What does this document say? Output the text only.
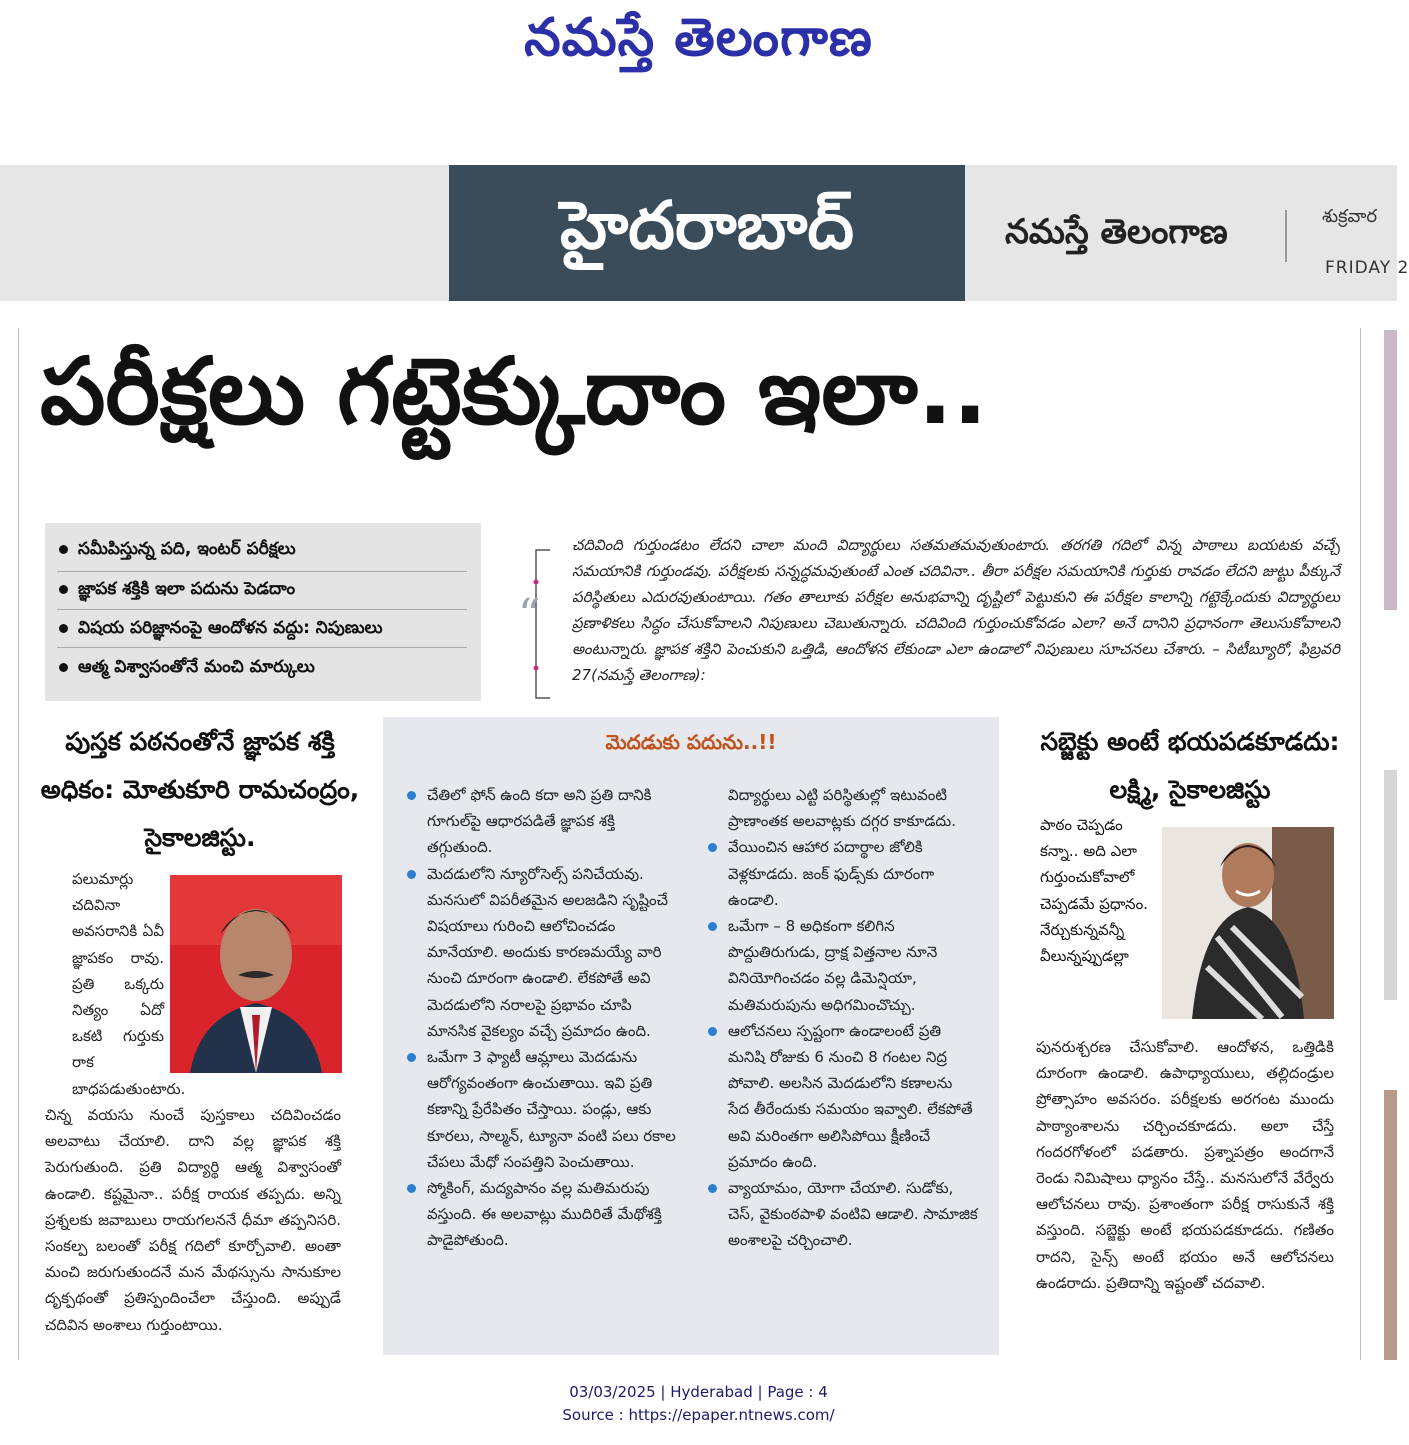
నమస్తే తెలంగాణ
హైదరాబాద్	నమస్తే తెలంగాణ	శుక్రవార
FRIDAY 2
పరీక్షలు గట్టెక్కుదాం ఇలా..
సమీపిస్తున్న పది, ఇంటర్ పరీక్షలు
జ్ఞాపక శక్తికి ఇలా పదును పెడదాం
విషయ పరిజ్ఞానంపై ఆందోళన వద్దు: నిపుణులు
ఆత్మ విశ్వాసంతోనే మంచి మార్కులు
“
చదివింది గుర్తుండటం లేదని చాలా మంది విద్యార్థులు సతమతమవుతుంటారు. తరగతి గదిలో విన్న పాఠాలు బయటకు వచ్చే సమయానికి గుర్తుండవు. పరీక్షలకు సన్నద్ధమవుతుంటే ఎంత చదివినా.. తీరా పరీక్షల సమయానికి గుర్తుకు రావడం లేదని జుట్టు పీక్కునే పరిస్థితులు ఎదురవుతుంటాయి. గతం తాలూకు పరీక్షల అనుభవాన్ని దృష్టిలో పెట్టుకుని ఈ పరీక్షల కాలాన్ని గట్టెక్కేందుకు విద్యార్థులు ప్రణాళికలు సిద్ధం చేసుకోవాలని నిపుణులు చెబుతున్నారు. చదివింది గుర్తుంచుకోవడం ఎలా? అనే దానిని ప్రధానంగా తెలుసుకోవాలని అంటున్నారు. జ్ఞాపక శక్తిని పెంచుకుని ఒత్తిడి, ఆందోళన లేకుండా ఎలా ఉండాలో నిపుణులు సూచనలు చేశారు. – సిటీబ్యూరో, ఫిబ్రవరి 27(నమస్తే తెలంగాణ):
పుస్తక పఠనంతోనే జ్ఞాపక శక్తి అధికం: మోతుకూరి రామచంద్రం, సైకాలజిస్టు.
పలుమార్లు చదివినా అవసరానికి ఏవీ జ్ఞాపకం రావు. ప్రతి ఒక్కరు నిత్యం ఏదో ఒకటి గుర్తుకు రాక బాధపడుతుంటారు.
చిన్న వయసు నుంచే పుస్తకాలు చదివించడం అలవాటు చేయాలి. దాని వల్ల జ్ఞాపక శక్తి పెరుగుతుంది. ప్రతి విద్యార్థి ఆత్మ విశ్వాసంతో ఉండాలి. కష్టమైనా.. పరీక్ష రాయక తప్పదు. అన్ని ప్రశ్నలకు జవాబులు రాయగలననే ధీమా తప్పనిసరి. సంకల్ప బలంతో పరీక్ష గదిలో కూర్చోవాలి. అంతా మంచి జరుగుతుందనే మన మేథస్సును సానుకూల దృక్పథంతో ప్రతిస్పందించేలా చేస్తుంది. అప్పుడే చదివిన అంశాలు గుర్తుంటాయి.
మెదడుకు పదును..!!
చేతిలో ఫోన్ ఉంది కదా అని ప్రతి దానికి గూగుల్‌పై ఆధారపడితే జ్ఞాపక శక్తి తగ్గుతుంది.
మెదడులోని న్యూరోసెల్స్ పనిచేయవు. మనసులో విపరీతమైన అలజడిని సృష్టించే విషయాలు గురించి ఆలోచించడం మానేయాలి. అందుకు కారణమయ్యే వారి నుంచి దూరంగా ఉండాలి. లేకపోతే అవి మెదడులోని నరాలపై ప్రభావం చూపి మానసిక వైకల్యం వచ్చే ప్రమాదం ఉంది.
ఒమేగా 3 ఫ్యాటీ ఆమ్లాలు మెదడును ఆరోగ్యవంతంగా ఉంచుతాయి. ఇవి ప్రతి కణాన్ని ప్రేరేపితం చేస్తాయి. పండ్లు, ఆకు కూరలు, సాల్మన్, ట్యూనా వంటి పలు రకాల చేపలు మేధో సంపత్తిని పెంచుతాయి.
స్మోకింగ్, మద్యపానం వల్ల మతిమరుపు వస్తుంది. ఈ అలవాట్లు ముదిరితే మేథోశక్తి పాడైపోతుంది.
విద్యార్థులు ఎట్టి పరిస్థితుల్లో ఇటువంటి ప్రాణాంతక అలవాట్లకు దగ్గర కాకూడదు.
వేయించిన ఆహార పదార్థాల జోలికి వెళ్లకూడదు. జంక్ ఫుడ్స్‌కు దూరంగా ఉండాలి.
ఒమేగా – 8 అధికంగా కలిగిన పొద్దుతిరుగుడు, ద్రాక్ష విత్తనాల నూనె వినియోగించడం వల్ల డిమెన్షియా, మతిమరుపును అధిగమించొచ్చు.
ఆలోచనలు స్పష్టంగా ఉండాలంటే ప్రతి మనిషి రోజుకు 6 నుంచి 8 గంటల నిద్ర పోవాలి. అలసిన మెదడులోని కణాలను సేద తీరేందుకు సమయం ఇవ్వాలి. లేకపోతే అవి మరింతగా అలిసిపోయి క్షీణించే ప్రమాదం ఉంది.
వ్యాయామం, యోగా చేయాలి. సుడోకు, చెస్, వైకుంఠపాళి వంటివి ఆడాలి. సామాజిక అంశాలపై చర్చించాలి.
సబ్జెక్టు అంటే భయపడకూడదు: లక్ష్మి, సైకాలజిస్టు
పాఠం చెప్పడం కన్నా.. అది ఎలా గుర్తుంచుకోవాలో చెప్పడమే ప్రధానం. నేర్చుకున్నవన్నీ వీలున్నప్పుడల్లా
పునరుశ్చరణ చేసుకోవాలి. ఆందోళన, ఒత్తిడికి దూరంగా ఉండాలి. ఉపాధ్యాయులు, తల్లిదండ్రుల ప్రోత్సాహం అవసరం. పరీక్షలకు అరగంట ముందు పాఠ్యాంశాలను చర్చించకూడదు. అలా చేస్తే గందరగోళంలో పడతారు. ప్రశ్నాపత్రం అందగానే రెండు నిమిషాలు ధ్యానం చేస్తే.. మనసులోనే వేర్వేరు ఆలోచనలు రావు. ప్రశాంతంగా పరీక్ష రాసుకునే శక్తి వస్తుంది. సబ్జెక్టు అంటే భయపడకూడదు. గణితం రాదని, సైన్స్ అంటే భయం అనే ఆలోచనలు ఉండరాదు. ప్రతిదాన్ని ఇష్టంతో చదవాలి.
03/03/2025 | Hyderabad | Page : 4
Source : https://epaper.ntnews.com/
